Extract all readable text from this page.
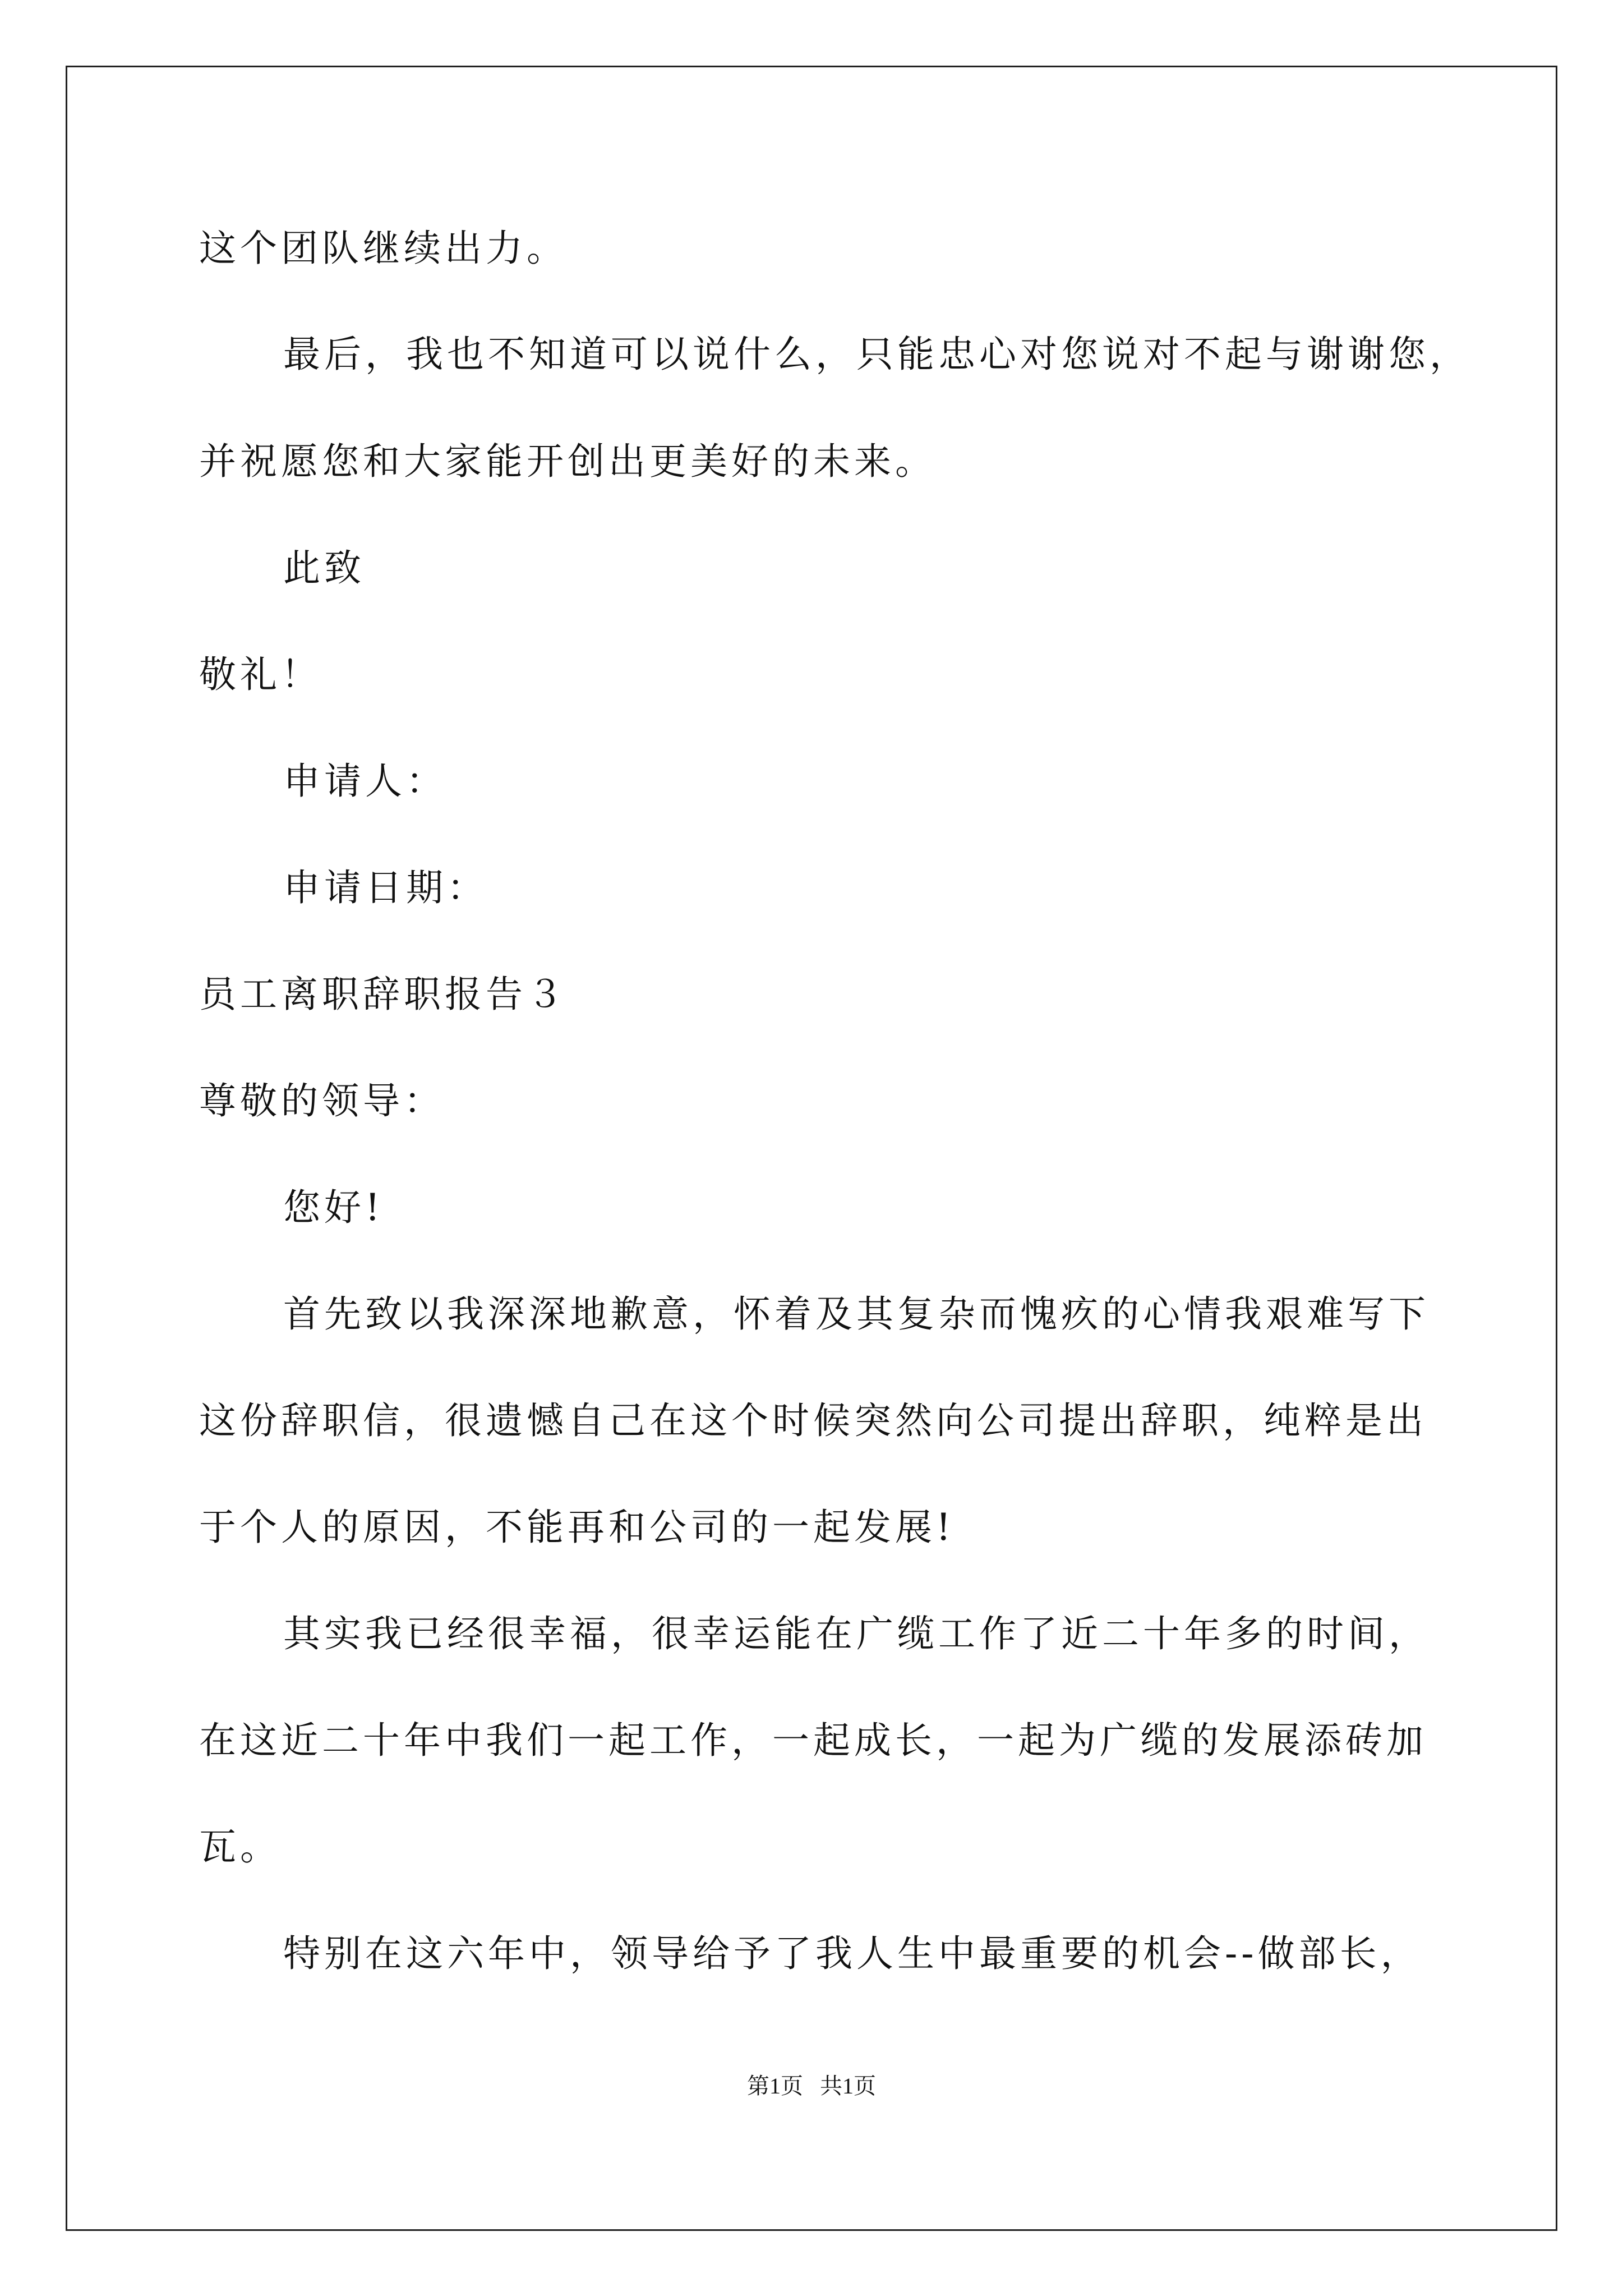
这个团队继续出力。

最后，我也不知道可以说什么，只能忠心对您说对不起与谢谢您，

并祝愿您和大家能开创出更美好的未来。

此致

敬礼！

申请人：

申请日期：

员工离职辞职报告３

尊敬的领导：

您好!

首先致以我深深地歉意，怀着及其复杂而愧疚的心情我艰难写下

这份辞职信，很遗憾自己在这个时候突然向公司提出辞职，纯粹是出

于个人的原因，不能再和公司的一起发展!

其实我已经很幸福，很幸运能在广缆工作了近二十年多的时间，

在这近二十年中我们一起工作，一起成长，一起为广缆的发展添砖加

瓦。

特别在这六年中，领导给予了我人生中最重要的机会--做部长，

第1页   共1页
